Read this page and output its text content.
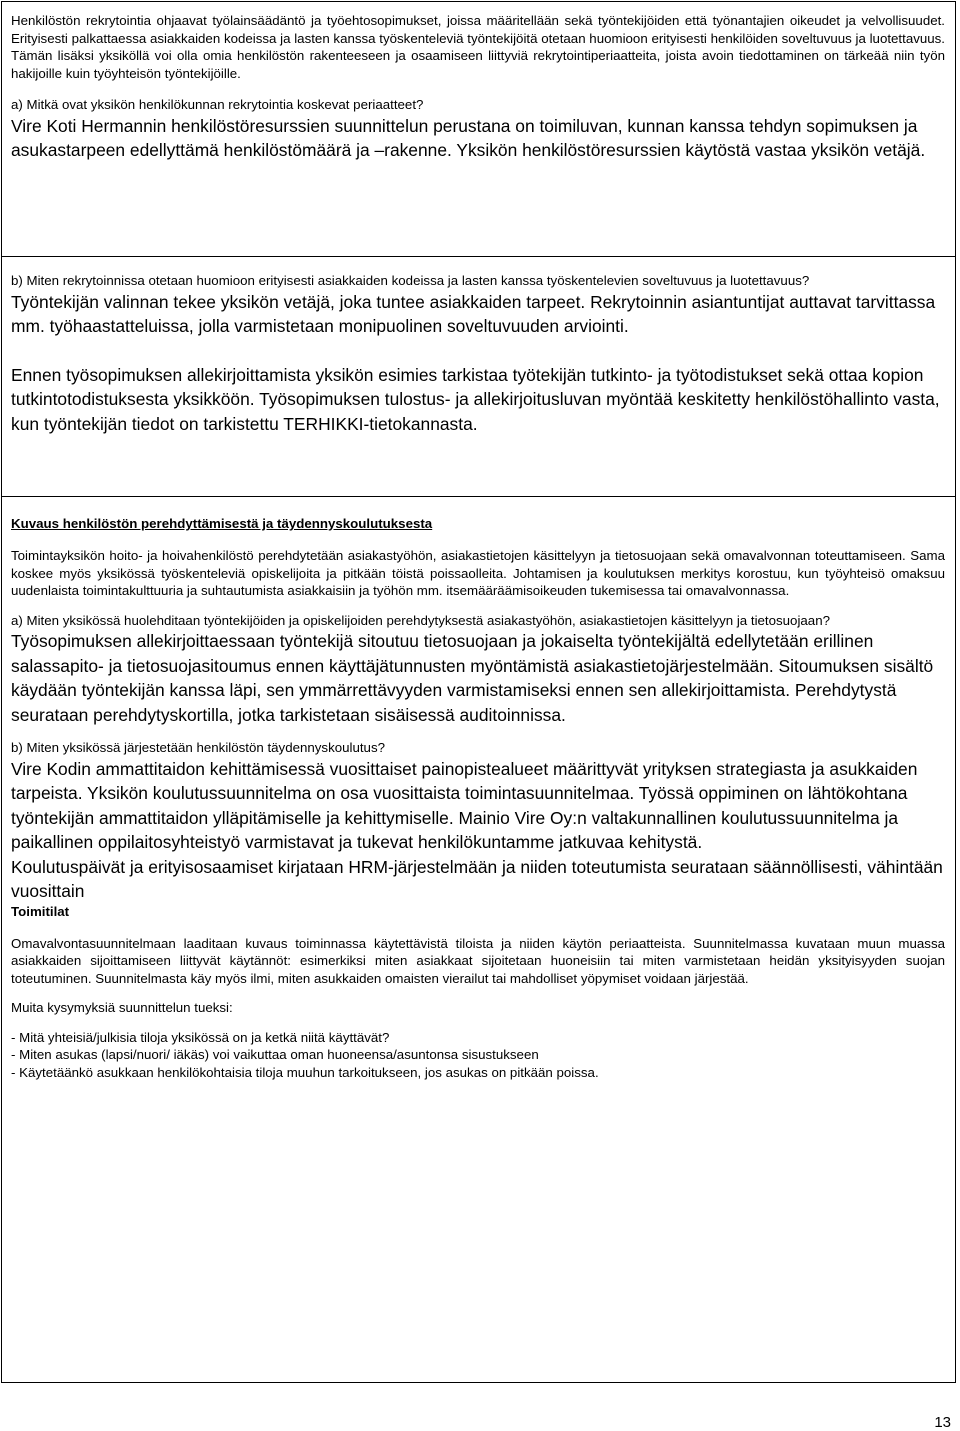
Henkilöstön rekrytointia ohjaavat työlainsäädäntö ja työehtosopimukset, joissa määritellään sekä työntekijöiden että työnantajien oikeudet ja velvollisuudet. Erityisesti palkattaessa asiakkaiden kodeissa ja lasten kanssa työskenteleviä työntekijöitä otetaan huomioon erityisesti henkilöiden soveltuvuus ja luotettavuus. Tämän lisäksi yksiköllä voi olla omia henkilöstön rakenteeseen ja osaamiseen liittyviä rekrytointiperiaatteita, joista avoin tiedottaminen on tärkeää niin työn hakijoille kuin työyhteisön työntekijöille.

a) Mitkä ovat yksikön henkilökunnan rekrytointia koskevat periaatteet?

Vire Koti Hermannin henkilöstöresurssien suunnittelun perustana on toimiluvan, kunnan kanssa tehdyn sopimuksen ja asukastarpeen edellyttämä henkilöstömäärä ja –rakenne. Yksikön henkilöstöresurssien käytöstä vastaa yksikön vetäjä.

b) Miten rekrytoinnissa otetaan huomioon erityisesti asiakkaiden kodeissa ja lasten kanssa työskentelevien soveltuvuus ja luotettavuus?

Työntekijän valinnan tekee yksikön vetäjä, joka tuntee asiakkaiden tarpeet. Rekrytoinnin asiantuntijat auttavat tarvittassa mm. työhaastatteluissa, jolla varmistetaan monipuolinen soveltuvuuden arviointi.

Ennen työsopimuksen allekirjoittamista yksikön esimies tarkistaa työtekijän tutkinto- ja työtodistukset sekä ottaa kopion tutkintotodistuksesta yksikköön. Työsopimuksen tulostus- ja allekirjoitusluvan myöntää keskitetty henkilöstöhallinto vasta, kun työntekijän tiedot on tarkistettu TERHIKKI-tietokannasta.

Kuvaus henkilöstön perehdyttämisestä ja täydennyskoulutuksesta

Toimintayksikön hoito- ja hoivahenkilöstö perehdytetään asiakastyöhön, asiakastietojen käsittelyyn ja tietosuojaan sekä omavalvonnan toteuttamiseen. Sama koskee myös yksikössä työskenteleviä opiskelijoita ja pitkään töistä poissaolleita. Johtamisen ja koulutuksen merkitys korostuu, kun työyhteisö omaksuu uudenlaista toimintakulttuuria ja suhtautumista asiakkaisiin ja työhön mm. itsemääräämisoikeuden tukemisessa tai omavalvonnassa.

a) Miten yksikössä huolehditaan työntekijöiden ja opiskelijoiden perehdytyksestä asiakastyöhön, asiakastietojen käsittelyyn ja tietosuojaan?

Työsopimuksen allekirjoittaessaan työntekijä sitoutuu tietosuojaan ja jokaiselta työntekijältä edellytetään erillinen salassapito- ja tietosuojasitoumus ennen käyttäjätunnusten myöntämistä asiakastietojärjestelmään. Sitoumuksen sisältö käydään työntekijän kanssa läpi, sen ymmärrettävyyden varmistamiseksi ennen sen allekirjoittamista. Perehdytystä seurataan perehdytyskortilla, jotka tarkistetaan sisäisessä auditoinnissa.

b) Miten yksikössä järjestetään henkilöstön täydennyskoulutus?

Vire Kodin ammattitaidon kehittämisessä vuosittaiset painopistealueet määrittyvät yrityksen strategiasta ja asukkaiden tarpeista. Yksikön koulutussuunnitelma on osa vuosittaista toimintasuunnitelmaa. Työssä oppiminen on lähtökohtana työntekijän ammattitaidon ylläpitämiselle ja kehittymiselle. Mainio Vire Oy:n valtakunnallinen koulutussuunnitelma ja paikallinen oppilaitosyhteistyö varmistavat ja tukevat henkilökuntamme jatkuvaa kehitystä.

Koulutuspäivät ja erityisosaamiset kirjataan HRM-järjestelmään ja niiden toteutumista seurataan säännöllisesti, vähintään vuosittain

Toimitilat

Omavalvontasuunnitelmaan laaditaan kuvaus toiminnassa käytettävistä tiloista ja niiden käytön periaatteista. Suunnitelmassa kuvataan muun muassa asiakkaiden sijoittamiseen liittyvät käytännöt: esimerkiksi miten asiakkaat sijoitetaan huoneisiin tai miten varmistetaan heidän yksityisyyden suojan toteutuminen. Suunnitelmasta käy myös ilmi, miten asukkaiden omaisten vierailut tai mahdolliset yöpymiset voidaan järjestää.

Muita kysymyksiä suunnittelun tueksi:

- Mitä yhteisiä/julkisia tiloja yksikössä on ja ketkä niitä käyttävät?

- Miten asukas (lapsi/nuori/ iäkäs) voi vaikuttaa oman huoneensa/asuntonsa sisustukseen

- Käytetäänkö asukkaan henkilökohtaisia tiloja muuhun tarkoitukseen, jos asukas on pitkään poissa.

13
